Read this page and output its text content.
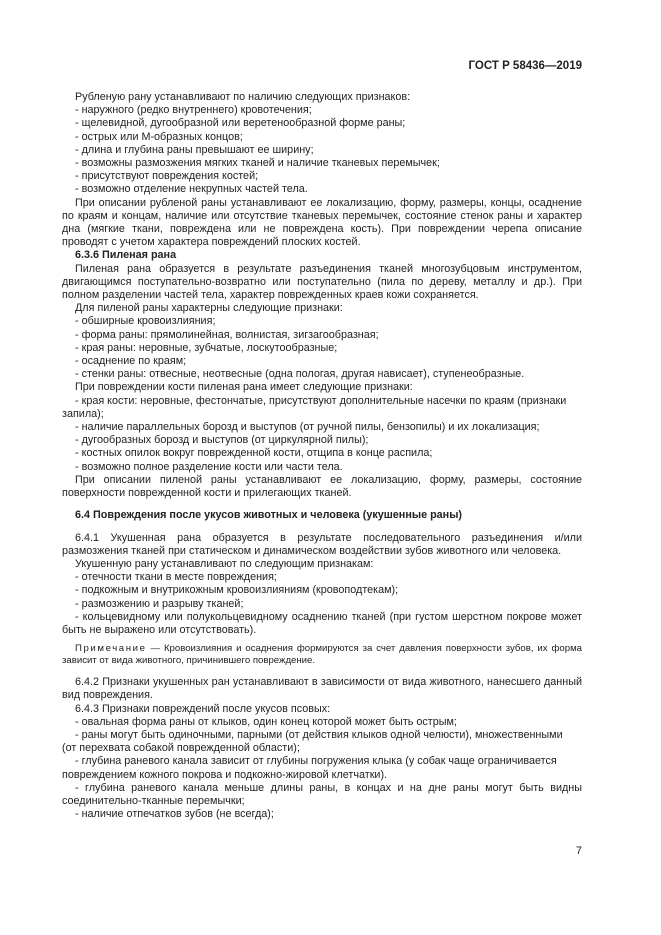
ГОСТ Р 58436—2019

Рубленую рану устанавливают по наличию следующих признаков:

- наружного (редко внутреннего) кровотечения;

- щелевидной, дугообразной или веретенообразной форме раны;

- острых или М-образных концов;

- длина и глубина раны превышают ее ширину;

- возможны размозжения мягких тканей и наличие тканевых перемычек;

- присутствуют повреждения костей;

- возможно отделение некрупных частей тела.

При описании рубленой раны устанавливают ее локализацию, форму, размеры, концы, осаднение по краям и концам, наличие или отсутствие тканевых перемычек, состояние стенок раны и характер дна (мягкие ткани, повреждена или не повреждена кость). При повреждении черепа описание проводят с учетом характера повреждений плоских костей.

6.3.6 Пиленая рана

Пиленая рана образуется в результате разъединения тканей многозубцовым инструментом, двигающимся поступательно-возвратно или поступательно (пила по дереву, металлу и др.). При полном разделении частей тела, характер поврежденных краев кожи сохраняется.

Для пиленой раны характерны следующие признаки:

- обширные кровоизлияния;

- форма раны: прямолинейная, волнистая, зигзагообразная;

- края раны: неровные, зубчатые, лоскутообразные;

- осаднение по краям;

- стенки раны: отвесные, неотвесные (одна пологая, другая нависает), ступенеобразные.

При повреждении кости пиленая рана имеет следующие признаки:

- края кости: неровные, фестончатые, присутствуют дополнительные насечки по краям (признаки

запила);

- наличие параллельных борозд и выступов (от ручной пилы, бензопилы) и их локализация;

- дугообразных борозд и выступов (от циркулярной пилы);

- костных опилок вокруг поврежденной кости, отщипа в конце распила;

- возможно полное разделение кости или части тела.

При описании пиленой раны устанавливают ее локализацию, форму, размеры, состояние поверхности поврежденной кости и прилегающих тканей.

6.4 Повреждения после укусов животных и человека (укушенные раны)

6.4.1 Укушенная рана образуется в результате последовательного разъединения и/или размозжения тканей при статическом и динамическом воздействии зубов животного или человека.

Укушенную рану устанавливают по следующим признакам:

- отечности ткани в месте повреждения;

- подкожным и внутрикожным кровоизлияниям (кровоподтекам);

- размозжению и разрыву тканей;

- кольцевидному или полукольцевидному осаднению тканей (при густом шерстном покрове может быть не выражено или отсутствовать).

Примечание — Кровоизлияния и осаднения формируются за счет давления поверхности зубов, их форма зависит от вида животного, причинившего повреждение.

6.4.2 Признаки укушенных ран устанавливают в зависимости от вида животного, нанесшего данный вид повреждения.

6.4.3 Признаки повреждений после укусов псовых:

- овальная форма раны от клыков, один конец которой может быть острым;

- раны могут быть одиночными, парными (от действия клыков одной челюсти), множественными

(от перехвата собакой поврежденной области);

- глубина раневого канала зависит от глубины погружения клыка (у собак чаще ограничивается

повреждением кожного покрова и подкожно-жировой клетчатки).

- глубина раневого канала меньше длины раны, в концах и на дне раны могут быть видны соединительно-тканные перемычки;

- наличие отпечатков зубов (не всегда);

7
